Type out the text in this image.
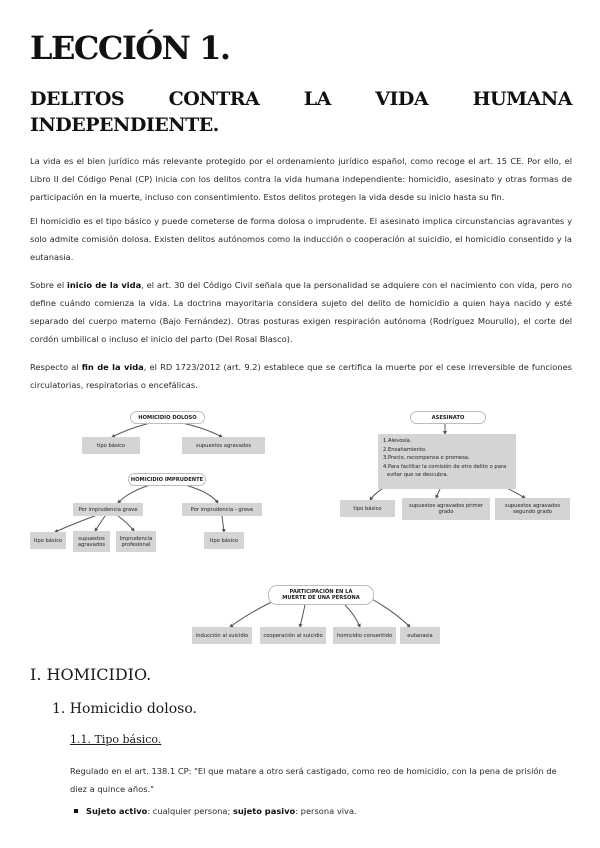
LECCIÓN 1.
DELITOS CONTRA LA VIDA HUMANA
INDEPENDIENTE.
La vida es el bien jurídico más relevante protegido por el ordenamiento jurídico español, como recoge el art. 15 CE. Por ello, el Libro II del Código Penal (CP) inicia con los delitos contra la vida humana independiente: homicidio, asesinato y otras formas de participación en la muerte, incluso con consentimiento. Estos delitos protegen la vida desde su inicio hasta su fin.
El homicidio es el tipo básico y puede cometerse de forma dolosa o imprudente. El asesinato implica circunstancias agravantes y solo admite comisión dolosa. Existen delitos autónomos como la inducción o cooperación al suicidio, el homicidio consentido y la eutanasia.
Sobre el inicio de la vida, el art. 30 del Código Civil señala que la personalidad se adquiere con el nacimiento con vida, pero no define cuándo comienza la vida. La doctrina mayoritaria considera sujeto del delito de homicidio a quien haya nacido y esté separado del cuerpo materno (Bajo Fernández). Otras posturas exigen respiración autónoma (Rodríguez Mourullo), el corte del cordón umbilical o incluso el inicio del parto (Del Rosal Blasco).
Respecto al fin de la vida, el RD 1723/2012 (art. 9.2) establece que se certifica la muerte por el cese irreversible de funciones circulatorias, respiratorias o encefálicas.
HOMICIDIO DOLOSO
tipo básico	supuestos agravados
HOMICIDIO IMPRUDENTE
Por imprudencia grave	Por imprudencia - grave
tipo básico	supuestos agravados
Imprudencia profesional
tipo básico
ASESINATO
1.Alevosía.
2.Ensañamiento.
3.Precio, recompensa o promesa.
4.Para facilitar la comisión de otro delito o para
evitar que se descubra.
tipo básico	supuestos agravados primer grado
supuestos agravados segundo grado
PARTICIPACIÓN EN LA MUERTE DE UNA PERSONA
inducción al suicidio	cooperación al suicidio	homicidio consentido	eutanasia
I. HOMICIDIO.
1. Homicidio doloso.
1.1. Tipo básico.
Regulado en el art. 138.1 CP: "El que matare a otro será castigado, como reo de homicidio, con la pena de prisión de diez a quince años."
Sujeto activo: cualquier persona; sujeto pasivo: persona viva.
